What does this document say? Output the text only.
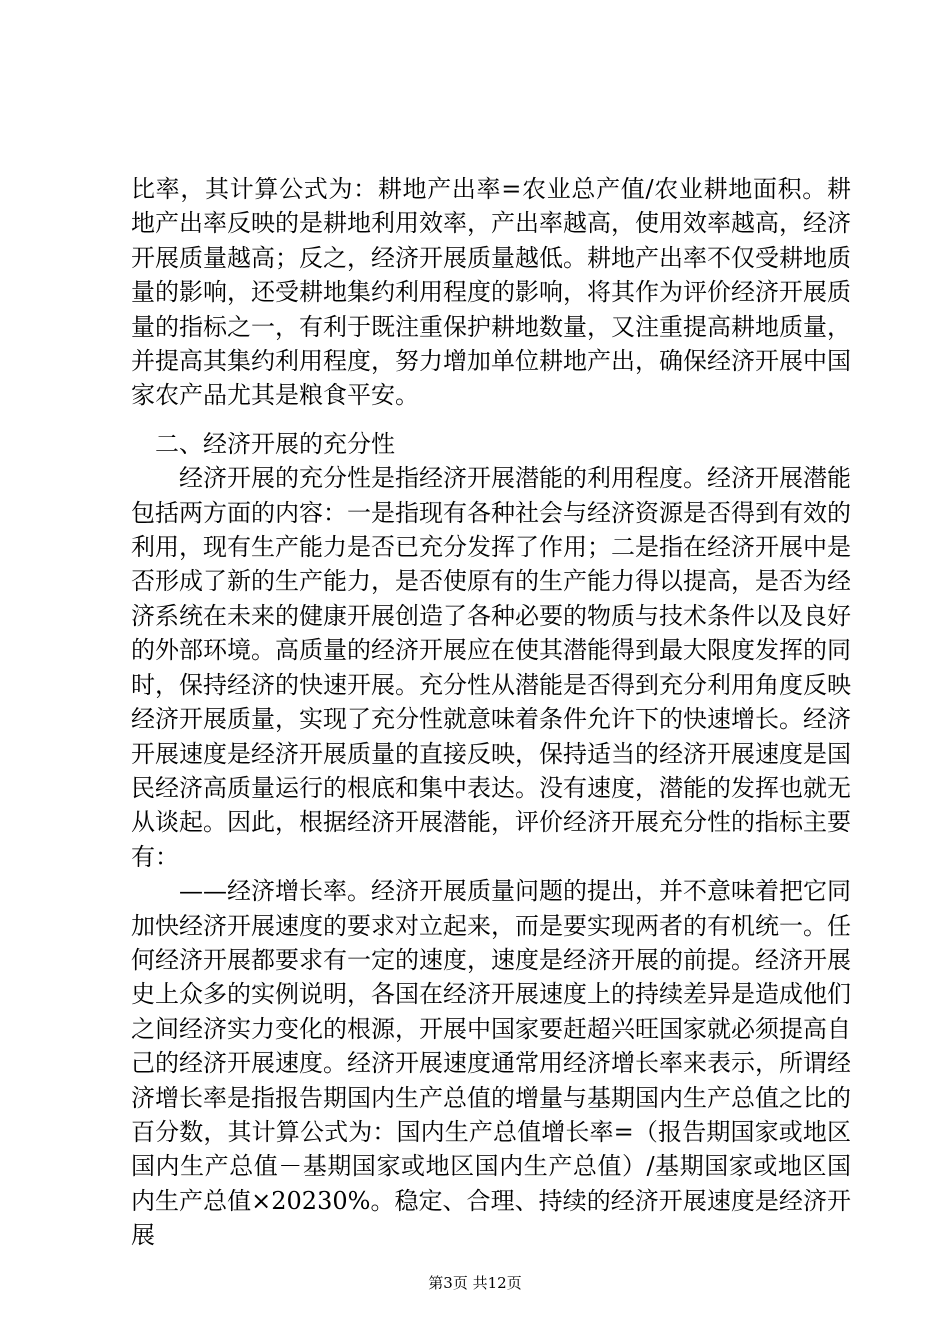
比率，其计算公式为：耕地产出率=农业总产值/农业耕地面积。耕地产出率反映的是耕地利用效率，产出率越高，使用效率越高，经济开展质量越高；反之，经济开展质量越低。耕地产出率不仅受耕地质量的影响，还受耕地集约利用程度的影响，将其作为评价经济开展质量的指标之一，有利于既注重保护耕地数量，又注重提高耕地质量，并提高其集约利用程度，努力增加单位耕地产出，确保经济开展中国家农产品尤其是粮食平安。

二、经济开展的充分性

经济开展的充分性是指经济开展潜能的利用程度。经济开展潜能包括两方面的内容：一是指现有各种社会与经济资源是否得到有效的利用，现有生产能力是否已充分发挥了作用；二是指在经济开展中是否形成了新的生产能力，是否使原有的生产能力得以提高，是否为经济系统在未来的健康开展创造了各种必要的物质与技术条件以及良好的外部环境。高质量的经济开展应在使其潜能得到最大限度发挥的同时，保持经济的快速开展。充分性从潜能是否得到充分利用角度反映经济开展质量，实现了充分性就意味着条件允许下的快速增长。经济开展速度是经济开展质量的直接反映，保持适当的经济开展速度是国民经济高质量运行的根底和集中表达。没有速度，潜能的发挥也就无从谈起。因此，根据经济开展潜能，评价经济开展充分性的指标主要有：

——经济增长率。经济开展质量问题的提出，并不意味着把它同加快经济开展速度的要求对立起来，而是要实现两者的有机统一。任何经济开展都要求有一定的速度，速度是经济开展的前提。经济开展史上众多的实例说明，各国在经济开展速度上的持续差异是造成他们之间经济实力变化的根源，开展中国家要赶超兴旺国家就必须提高自己的经济开展速度。经济开展速度通常用经济增长率来表示，所谓经济增长率是指报告期国内生产总值的增量与基期国内生产总值之比的百分数，其计算公式为：国内生产总值增长率=（报告期国家或地区国内生产总值－基期国家或地区国内生产总值）/基期国家或地区国内生产总值×20230%。稳定、合理、持续的经济开展速度是经济开展

第3页 共12页
